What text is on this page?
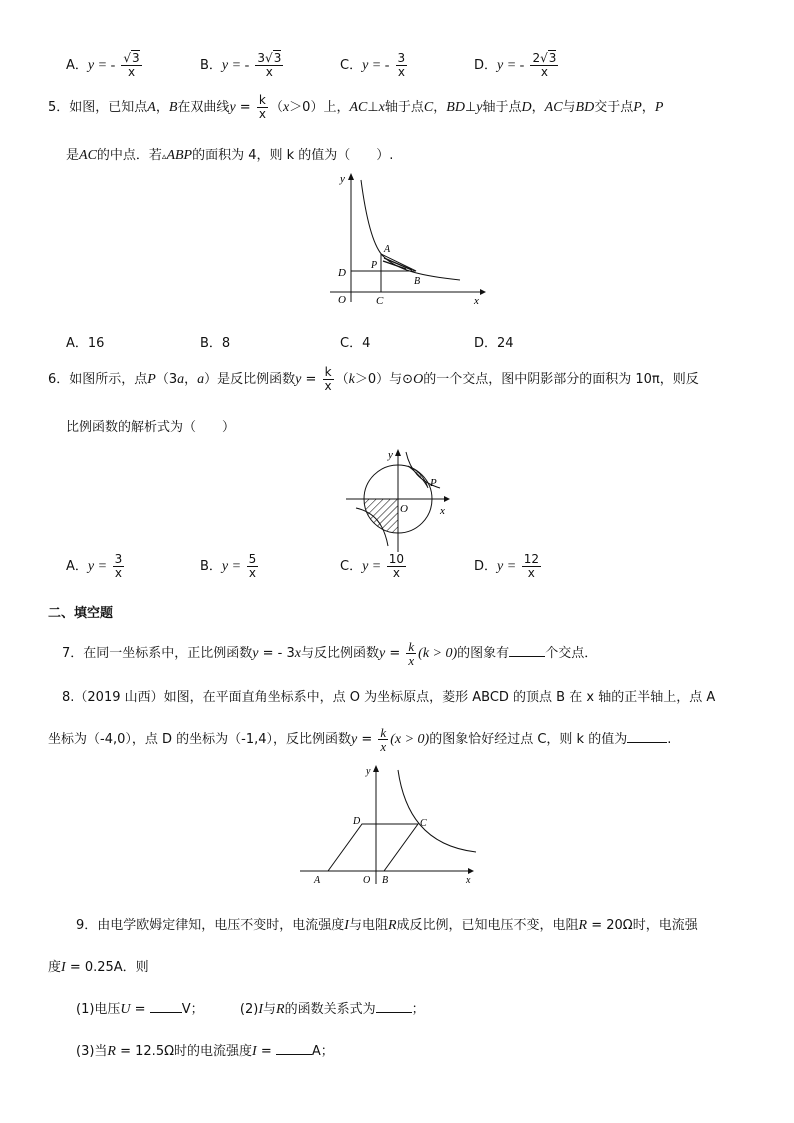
A．y = - $\frac{√3}{x}$	B．y = - $\frac{3√3}{x}$	C．y = - $\frac{3}{x}$	D．y = - $\frac{2√3}{x}$
5．如图，已知点A，B在双曲线$y = \frac{k}{x} (x>0)$上，AC⊥x轴于点C，BD⊥y轴于点D，AC与BD交于点P，P
是AC的中点．若▵ABP的面积为 4，则 k 的值为（　　）.
y
x
O
A
B
C
D
P
A．16	B．8	C．4	D．24
6．如图所示，点P（3a，a）是反比例函数$y = \frac{k}{x} (k>0)$与⊙O的一个交点，图中阴影部分的面积为 10π，则反
比例函数的解析式为（　　）
y
x
O
P
A．$y = \frac{3}{x}$	B．$y = \frac{5}{x}$	C．$y = \frac{10}{x}$	D．$y = \frac{12}{x}$
二、填空题
7．在同一坐标系中，正比例函数y = - 3x与反比例函数$y = \frac{k}{x} (k > 0)$的图象有	个交点．
8.（2019 山西）如图，在平面直角坐标系中，点 O 为坐标原点，菱形 ABCD 的顶点 B 在 x 轴的正半轴上，点 A
坐标为（-4,0），点 D 的坐标为（-1,4），反比例函数$y = \frac{k}{x} (x > 0)$的图象恰好经过点 C，则 k 的值为	.
y
x
O
A	B
C
D
9．由电学欧姆定律知，电压不变时，电流强度I与电阻R成反比例，已知电压不变，电阻R = 20Ω时，电流强
度I = 0.25A．则
(1)电压U = V；	(2)I与R的函数关系式为	；
(3)当R = 12.5Ω时的电流强度I =	A；
